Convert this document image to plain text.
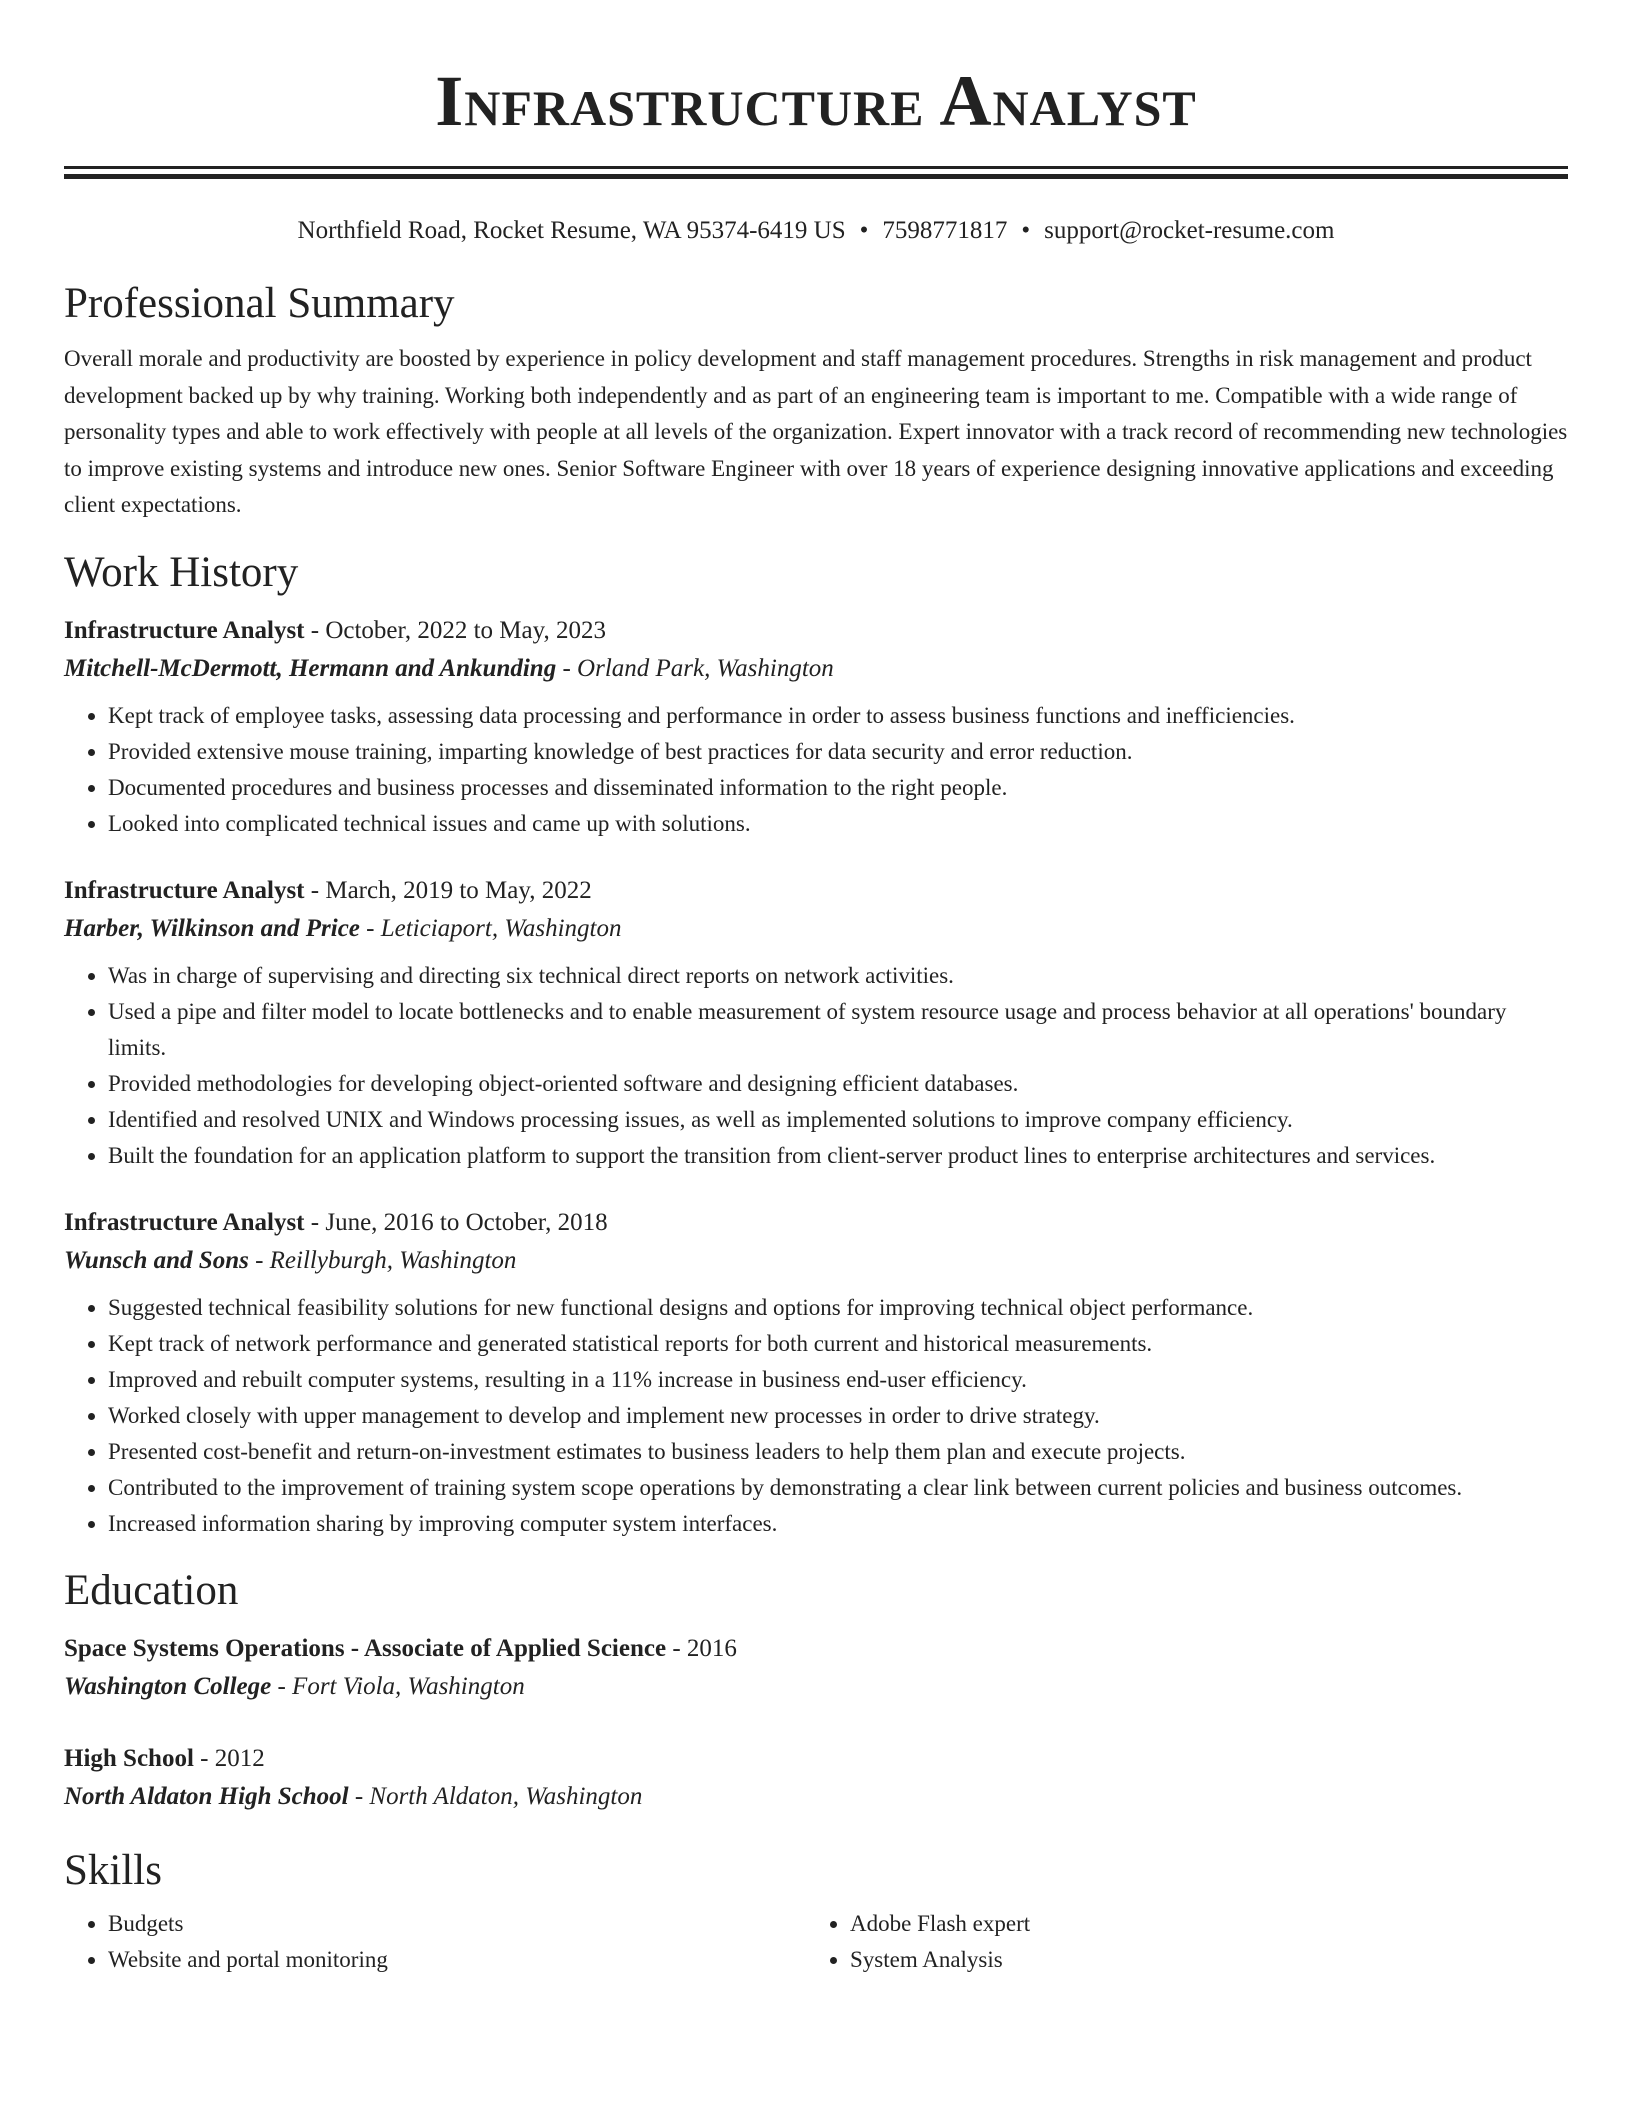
Infrastructure Analyst
Northfield Road, Rocket Resume, WA 95374-6419 US • 7598771817 • support@rocket-resume.com
Professional Summary

Overall morale and productivity are boosted by experience in policy development and staff management procedures. Strengths in risk management and product development backed up by why training. Working both independently and as part of an engineering team is important to me. Compatible with a wide range of personality types and able to work effectively with people at all levels of the organization. Expert innovator with a track record of recommending new technologies to improve existing systems and introduce new ones. Senior Software Engineer with over 18 years of experience designing innovative applications and exceeding client expectations.

Work History
Infrastructure Analyst - October, 2022 to May, 2023
Mitchell-McDermott, Hermann and Ankunding - Orland Park, Washington
• Kept track of employee tasks, assessing data processing and performance in order to assess business functions and inefficiencies.
• Provided extensive mouse training, imparting knowledge of best practices for data security and error reduction.
• Documented procedures and business processes and disseminated information to the right people.
• Looked into complicated technical issues and came up with solutions.
Infrastructure Analyst - March, 2019 to May, 2022
Harber, Wilkinson and Price - Leticiaport, Washington
• Was in charge of supervising and directing six technical direct reports on network activities.
• Used a pipe and filter model to locate bottlenecks and to enable measurement of system resource usage and process behavior at all operations' boundary limits.
• Provided methodologies for developing object-oriented software and designing efficient databases.
• Identified and resolved UNIX and Windows processing issues, as well as implemented solutions to improve company efficiency.
• Built the foundation for an application platform to support the transition from client-server product lines to enterprise architectures and services.
Infrastructure Analyst - June, 2016 to October, 2018
Wunsch and Sons - Reillyburgh, Washington
• Suggested technical feasibility solutions for new functional designs and options for improving technical object performance.
• Kept track of network performance and generated statistical reports for both current and historical measurements.
• Improved and rebuilt computer systems, resulting in a 11% increase in business end-user efficiency.
• Worked closely with upper management to develop and implement new processes in order to drive strategy.
• Presented cost-benefit and return-on-investment estimates to business leaders to help them plan and execute projects.
• Contributed to the improvement of training system scope operations by demonstrating a clear link between current policies and business outcomes.
• Increased information sharing by improving computer system interfaces.
Education
Space Systems Operations - Associate of Applied Science - 2016
Washington College - Fort Viola, Washington
High School - 2012
North Aldaton High School - North Aldaton, Washington
Skills
• Budgets
• Website and portal monitoring
• Adobe Flash expert
• System Analysis
